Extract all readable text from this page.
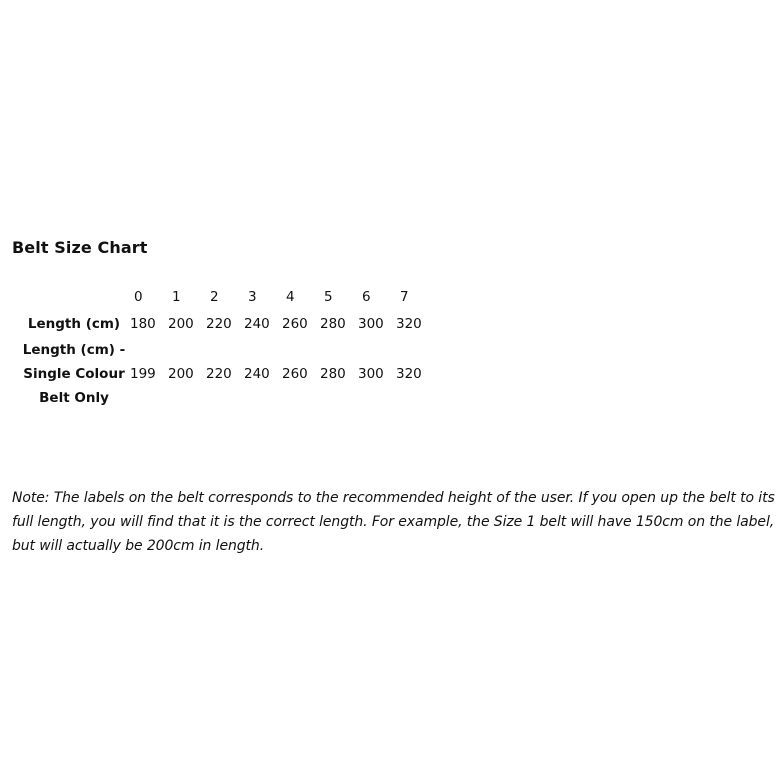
Belt Size Chart
	0	1	2	3	4	5	6	7
Length (cm)	180	200	220	240	260	280	300	320
Length (cm) -
Single Colour
Belt Only	199	200	220	240	260	280	300	320

Note: The labels on the belt corresponds to the recommended height of the user. If you open up the belt to its full length, you will find that it is the correct length. For example, the Size 1 belt will have 150cm on the label, but will actually be 200cm in length.
